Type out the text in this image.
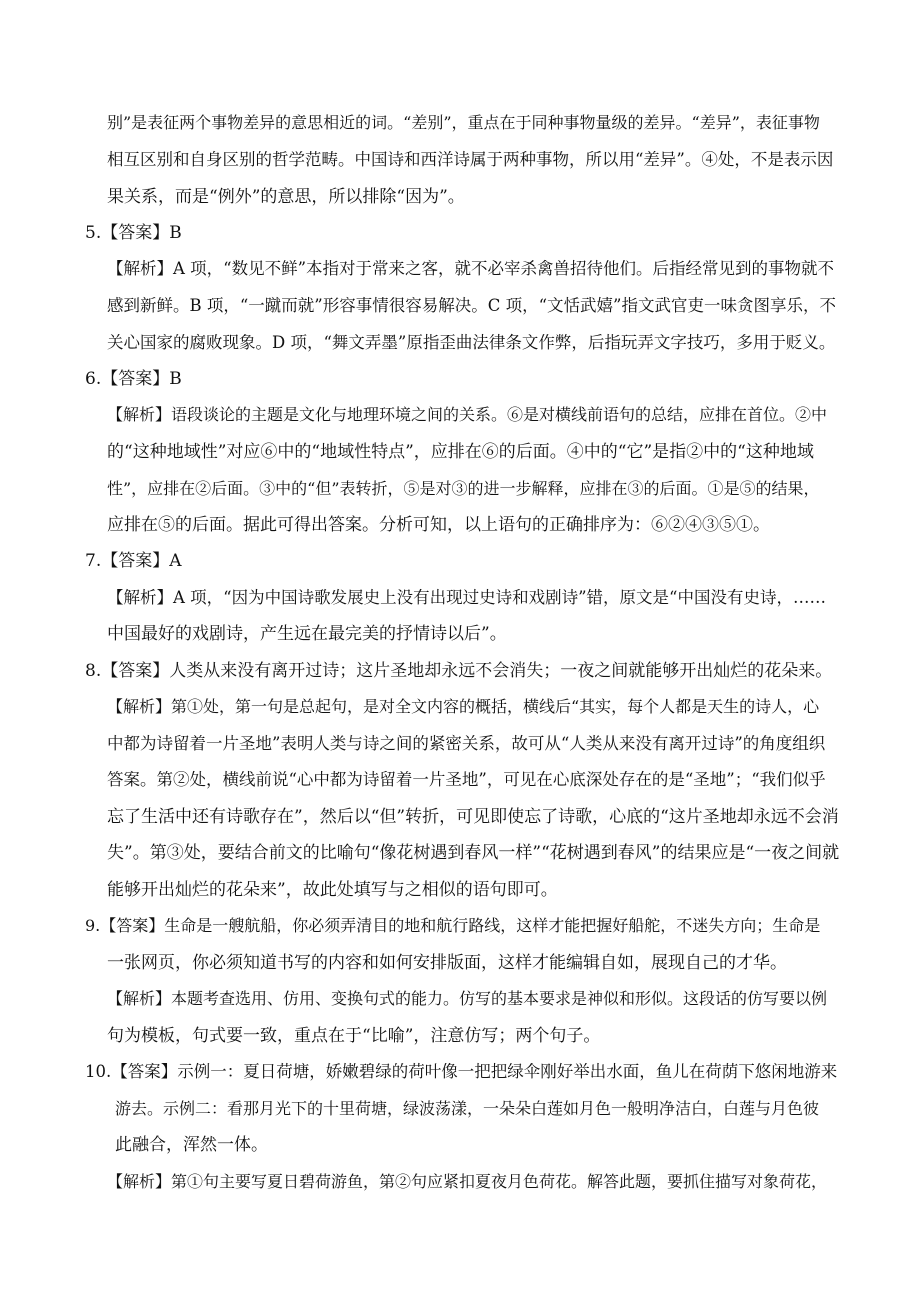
别”是表征两个事物差异的意思相近的词。“差别”，重点在于同种事物量级的差异。“差异”，表征事物
相互区别和自身区别的哲学范畴。中国诗和西洋诗属于两种事物，所以用“差异”。④处，不是表示因
果关系，而是“例外”的意思，所以排除“因为”。
5.【答案】B
【解析】A 项，“数见不鲜”本指对于常来之客，就不必宰杀禽兽招待他们。后指经常见到的事物就不
感到新鲜。B 项，“一蹴而就”形容事情很容易解决。C 项，“文恬武嬉”指文武官吏一味贪图享乐，不
关心国家的腐败现象。D 项，“舞文弄墨”原指歪曲法律条文作弊，后指玩弄文字技巧，多用于贬义。
6.【答案】B
【解析】语段谈论的主题是文化与地理环境之间的关系。⑥是对横线前语句的总结，应排在首位。②中
的“这种地域性”对应⑥中的“地域性特点”，应排在⑥的后面。④中的“它”是指②中的“这种地域
性”，应排在②后面。③中的“但”表转折，⑤是对③的进一步解释，应排在③的后面。①是⑤的结果，
应排在⑤的后面。据此可得出答案。分析可知，以上语句的正确排序为：⑥②④③⑤①。
7.【答案】A
【解析】A 项，“因为中国诗歌发展史上没有出现过史诗和戏剧诗”错，原文是“中国没有史诗，……
中国最好的戏剧诗，产生远在最完美的抒情诗以后”。
8.【答案】人类从来没有离开过诗；这片圣地却永远不会消失；一夜之间就能够开出灿烂的花朵来。
【解析】第①处，第一句是总起句，是对全文内容的概括，横线后“其实，每个人都是天生的诗人，心
中都为诗留着一片圣地”表明人类与诗之间的紧密关系，故可从“人类从来没有离开过诗”的角度组织
答案。第②处，横线前说“心中都为诗留着一片圣地”，可见在心底深处存在的是“圣地”；“我们似乎
忘了生活中还有诗歌存在”，然后以“但”转折，可见即使忘了诗歌，心底的“这片圣地却永远不会消
失”。第③处，要结合前文的比喻句“像花树遇到春风一样”“花树遇到春风”的结果应是“一夜之间就
能够开出灿烂的花朵来”，故此处填写与之相似的语句即可。
9.【答案】生命是一艘航船，你必须弄清目的地和航行路线，这样才能把握好船舵，不迷失方向；生命是
一张网页，你必须知道书写的内容和如何安排版面，这样才能编辑自如，展现自己的才华。
【解析】本题考查选用、仿用、变换句式的能力。仿写的基本要求是神似和形似。这段话的仿写要以例
句为模板，句式要一致，重点在于“比喻”，注意仿写；两个句子。
10.【答案】示例一：夏日荷塘，娇嫩碧绿的荷叶像一把把绿伞刚好举出水面，鱼儿在荷荫下悠闲地游来
游去。示例二：看那月光下的十里荷塘，绿波荡漾，一朵朵白莲如月色一般明净洁白，白莲与月色彼
此融合，浑然一体。
【解析】第①句主要写夏日碧荷游鱼，第②句应紧扣夏夜月色荷花。解答此题，要抓住描写对象荷花，
